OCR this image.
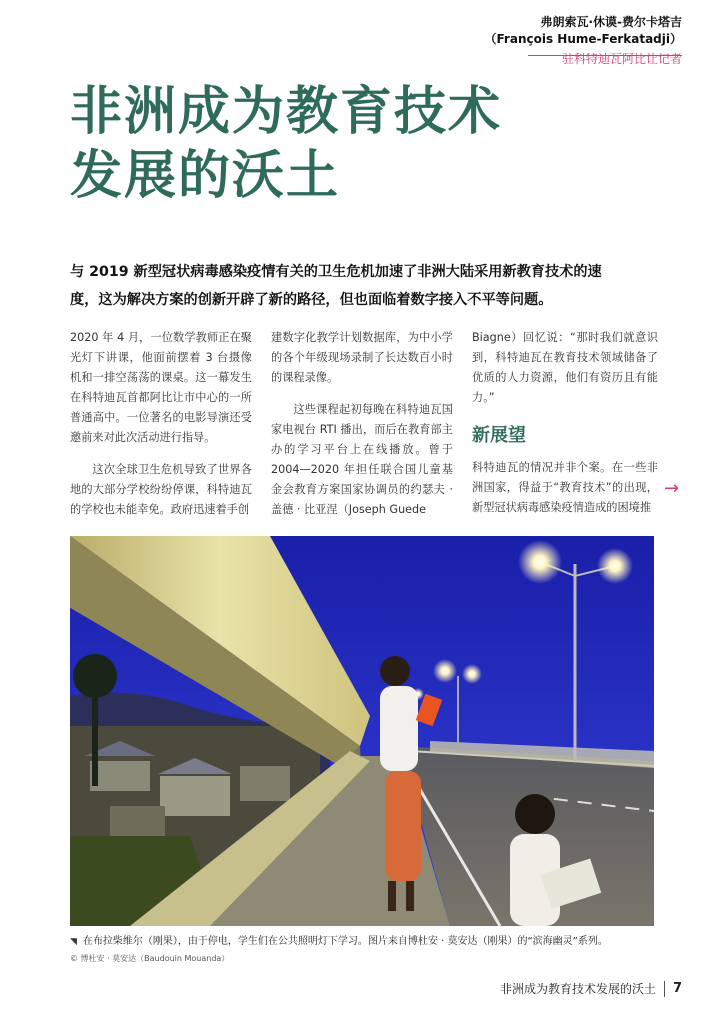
弗朗索瓦·休谟-费尔卡塔吉
（François Hume-Ferkatadji）
驻科特迪瓦阿比让记者
非洲成为教育技术发展的沃土
与 2019 新型冠状病毒感染疫情有关的卫生危机加速了非洲大陆采用新教育技术的速度，这为解决方案的创新开辟了新的路径，但也面临着数字接入不平等问题。

2020 年 4 月，一位数学教师正在聚光灯下讲课，他面前摆着 3 台摄像机和一排空荡荡的课桌。这一幕发生在科特迪瓦首都阿比让市中心的一所普通高中。一位著名的电影导演还受邀前来对此次活动进行指导。

这次全球卫生危机导致了世界各地的大部分学校纷纷停课，科特迪瓦的学校也未能幸免。政府迅速着手创

建数字化教学计划数据库，为中小学的各个年级现场录制了长达数百小时的课程录像。

这些课程起初每晚在科特迪瓦国家电视台 RTI 播出，而后在教育部主办的学习平台上在线播放。曾于 2004—2020 年担任联合国儿童基金会教育方案国家协调员的约瑟夫 · 盖德 · 比亚涅（Joseph Guede

Biagne）回忆说：“那时我们就意识到，科特迪瓦在教育技术领域储备了优质的人力资源，他们有资历且有能力。”

新展望

科特迪瓦的情况并非个案。在一些非洲国家，得益于“教育技术”的出现，新型冠状病毒感染疫情造成的困境推

→
◥ 在布拉柴维尔（刚果），由于停电，学生们在公共照明灯下学习。图片来自博杜安 · 莫安达（刚果）的“滨海幽灵”系列。
© 博杜安 · 莫安达（Baudouin Mouanda）
非洲成为教育技术发展的沃土 7
